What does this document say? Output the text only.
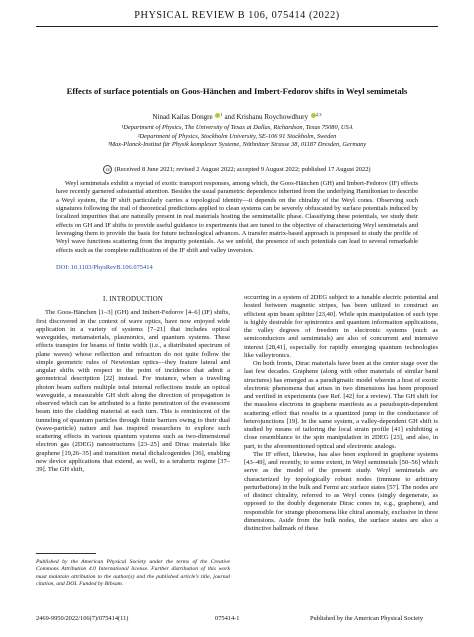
PHYSICAL REVIEW B 106, 075414 (2022)
Effects of surface potentials on Goos-Hänchen and Imbert-Fedorov shifts in Weyl semimetals
Ninad Kailas Dongre $^1$ and Krishanu Roychowdhury $^{2,3}$
¹Department of Physics, The University of Texas at Dallas, Richardson, Texas 75080, USA
²Department of Physics, Stockholm University, SE-106 91 Stockholm, Sweden
³Max-Planck-Institut für Physik komplexer Systeme, Nöthnitzer Strasse 38, 01187 Dresden, Germany
cc (Received 8 June 2021; revised 2 August 2022; accepted 9 August 2022; published 17 August 2022)

Weyl semimetals exhibit a myriad of exotic transport responses, among which, the Goos-Hänchen (GH) and Imbert-Fedorov (IF) effects have recently garnered substantial attention. Besides the usual parametric dependence inherited from the underlying Hamiltonian to describe a Weyl system, the IF shift particularly carries a topological identity—it depends on the chirality of the Weyl cones. Observing such signatures following the trail of theoretical predictions applied to clean systems can be severely obfuscated by surface potentials induced by localized impurities that are naturally present in real materials hosting the semimetallic phase. Classifying these potentials, we study their effects on GH and IF shifts to provide useful guidance to experiments that are tuned to the objective of characterizing Weyl semimetals and leveraging them to provide the basis for future technological advances. A transfer matrix-based approach is proposed to study the profile of Weyl wave functions scattering from the impurity potentials. As we unfold, the presence of such potentials can lead to several remarkable effects such as the complete nullification of the IF shift and valley inversion.

DOI: 10.1103/PhysRevB.106.075414
I. INTRODUCTION

The Goos-Hänchen [1–3] (GH) and Imbert-Fedorov [4–6] (IF) shifts, first discovered in the context of wave optics, have now enjoyed wide application in a variety of systems [7–21] that includes optical waveguides, metamaterials, plasmonics, and quantum systems. These effects transpire for beams of finite width (i.e., a distributed spectrum of plane waves) whose reflection and refraction do not quite follow the simple geometric rules of Newtonian optics—they feature lateral and angular shifts with respect to the point of incidence that admit a geometrical description [22] instead. For instance, when a traveling photon beam suffers multiple total internal reflections inside an optical waveguide, a measurable GH shift along the direction of propagation is observed which can be attributed to a finite penetration of the evanescent beam into the cladding material at each turn. This is reminiscent of the tunneling of quantum particles through finite barriers owing to their dual (wave-particle) nature and has inspired researchers to explore such scattering effects in various quantum systems such as two-dimensional electron gas (2DEG) nanostructures [23–25] and Dirac materials like graphene [19,26–35] and transition metal dichalcogenides [36], enabling new device applications that extend, as well, to a terahertz regime [37–39]. The GH shift,

occurring in a system of 2DEG subject to a tunable electric potential and hosted between magnetic stripes, has been utilized to construct an efficient spin beam splitter [23,40]. While spin manipulation of such type is highly desirable for spintronics and quantum information applications, the valley degrees of freedom in electronic systems (such as semiconductors and semimetals) are also of concurrent and intensive interest [28,41], especially for rapidly emerging quantum technologies like valleytronics.

On both fronts, Dirac materials have been at the center stage over the last few decades. Graphene (along with other materials of similar band structures) has emerged as a paradigmatic model wherein a host of exotic electronic phenomena that arises in two dimensions has been proposed and verified in experiments (see Ref. [42] for a review). The GH shift for the massless electrons in graphene manifests as a pseudospin-dependent scattering effect that results in a quantized jump in the conductance of heterojunctions [19]. In the same system, a valley-dependent GH shift is studied by means of tailoring the local strain profile [41] exhibiting a close resemblance to the spin manipulation in 2DEG [23], and also, in part, to the aforementioned optical and electronic analogs.

The IF effect, likewise, has also been explored in graphene systems [43–49], and recently, to some extent, in Weyl semimetals [50–56] which serve as the model of the present study. Weyl semimetals are characterized by topologically robust nodes (immune to arbitrary perturbations) in the bulk and Fermi arc surface states [57]. The nodes are of distinct chirality, referred to as Weyl cones (singly degenerate, as opposed to the doubly degenerate Dirac cones in, e.g., graphene), and responsible for strange phenomena like chiral anomaly, exclusive in three dimensions. Aside from the bulk nodes, the surface states are also a distinctive hallmark of these

Published by the American Physical Society under the terms of the Creative Commons Attribution 4.0 International license. Further distribution of this work must maintain attribution to the author(s) and the published article's title, journal citation, and DOI. Funded by Bibsam.
2469-9950/2022/106(7)/075414(11)	075414-1	Published by the American Physical Society
